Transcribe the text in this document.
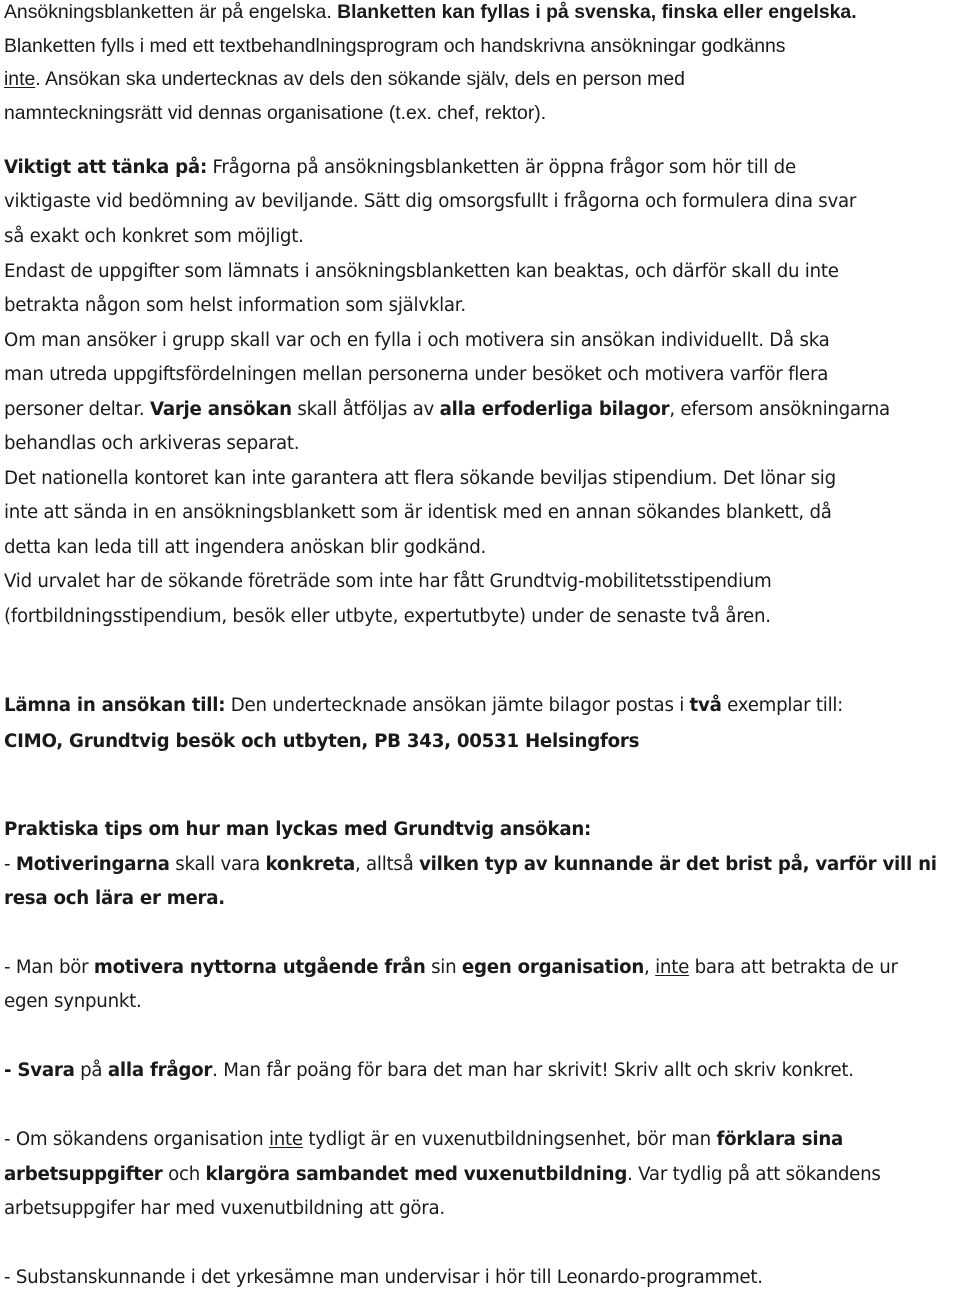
Ansökningsblanketten är på engelska. Blanketten kan fyllas i på svenska, finska eller engelska.
Blanketten fylls i med ett textbehandlningsprogram och handskrivna ansökningar godkänns
inte. Ansökan ska undertecknas av dels den sökande själv, dels en person med
namnteckningsrätt vid dennas organisatione (t.ex. chef, rektor).
Viktigt att tänka på: Frågorna på ansökningsblanketten är öppna frågor som hör till de
viktigaste vid bedömning av beviljande. Sätt dig omsorgsfullt i frågorna och formulera dina svar
så exakt och konkret som möjligt.
Endast de uppgifter som lämnats i ansökningsblanketten kan beaktas, och därför skall du inte
betrakta någon som helst information som självklar.
Om man ansöker i grupp skall var och en fylla i och motivera sin ansökan individuellt. Då ska
man utreda uppgiftsfördelningen mellan personerna under besöket och motivera varför flera
personer deltar. Varje ansökan skall åtföljas av alla erfoderliga bilagor, efersom ansökningarna
behandlas och arkiveras separat.
Det nationella kontoret kan inte garantera att flera sökande beviljas stipendium. Det lönar sig
inte att sända in en ansökningsblankett som är identisk med en annan sökandes blankett, då
detta kan leda till att ingendera anöskan blir godkänd.
Vid urvalet har de sökande företräde som inte har fått Grundtvig-mobilitetsstipendium
(fortbildningsstipendium, besök eller utbyte, expertutbyte) under de senaste två åren.
Lämna in ansökan till: Den undertecknade ansökan jämte bilagor postas i två exemplar till:
CIMO, Grundtvig besök och utbyten, PB 343, 00531 Helsingfors
Praktiska tips om hur man lyckas med Grundtvig ansökan:
- Motiveringarna skall vara konkreta, alltså vilken typ av kunnande är det brist på, varför vill ni
resa och lära er mera.
- Man bör motivera nyttorna utgående från sin egen organisation, inte bara att betrakta de ur
egen synpunkt.
- Svara på alla frågor. Man får poäng för bara det man har skrivit! Skriv allt och skriv konkret.
- Om sökandens organisation inte tydligt är en vuxenutbildningsenhet, bör man förklara sina
arbetsuppgifter och klargöra sambandet med vuxenutbildning. Var tydlig på att sökandens
arbetsuppgifer har med vuxenutbildning att göra.
- Substanskunnande i det yrkesämne man undervisar i hör till Leonardo-programmet.
